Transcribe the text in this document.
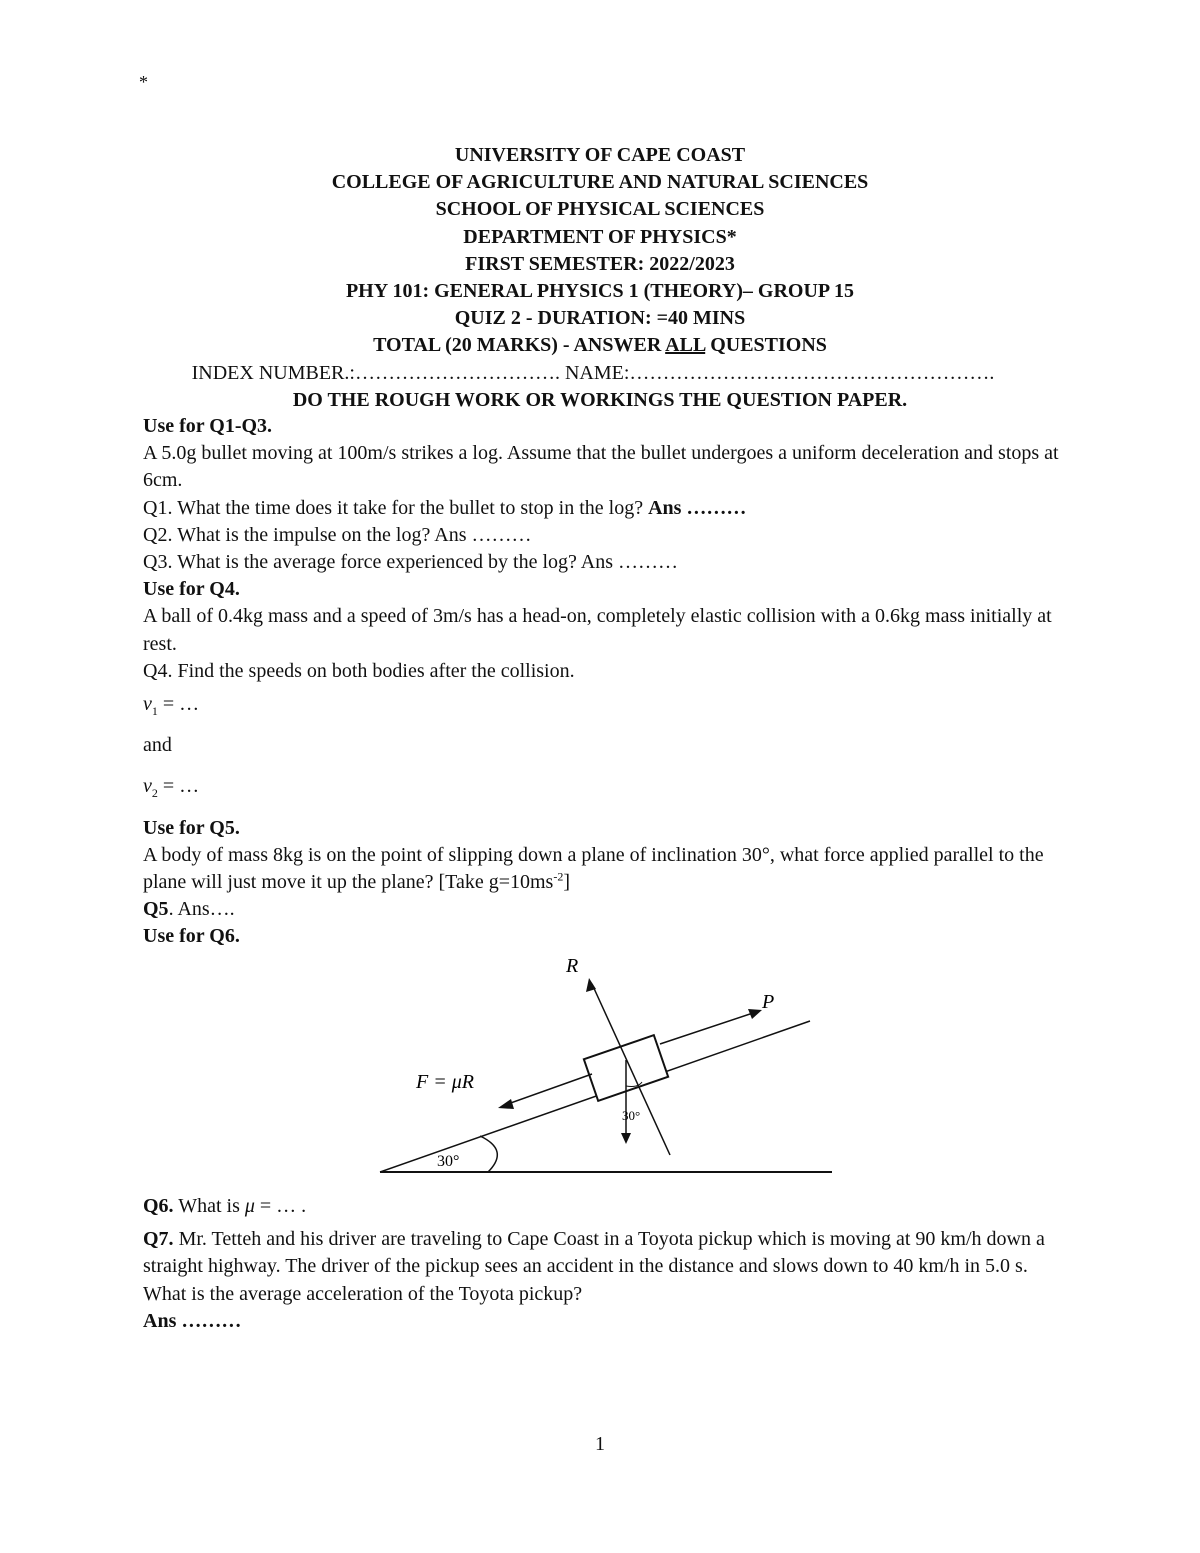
*
UNIVERSITY OF CAPE COAST
COLLEGE OF AGRICULTURE AND NATURAL SCIENCES
SCHOOL OF PHYSICAL SCIENCES
DEPARTMENT OF PHYSICS*
FIRST SEMESTER: 2022/2023
PHY 101: GENERAL PHYSICS 1 (THEORY)– GROUP 15
QUIZ 2 - DURATION: =40 MINS
TOTAL (20 MARKS) - ANSWER ALL QUESTIONS
INDEX NUMBER.:…………………………. NAME:……………………………………………….
DO THE ROUGH WORK OR WORKINGS THE QUESTION PAPER.

Use for Q1-Q3.

A 5.0g bullet moving at 100m/s strikes a log. Assume that the bullet undergoes a uniform deceleration and stops at 6cm.

Q1. What the time does it take for the bullet to stop in the log? Ans ………

Q2. What is the impulse on the log? Ans ………

Q3. What is the average force experienced by the log? Ans ………

Use for Q4.

A ball of 0.4kg mass and a speed of 3m/s has a head-on, completely elastic collision with a 0.6kg mass initially at rest.

Q4. Find the speeds on both bodies after the collision.

$v_1$ = …

and

$v_2$ = …

Use for Q5.

A body of mass 8kg is on the point of slipping down a plane of inclination 30°, what force applied parallel to the plane will just move it up the plane? [Take $g=10ms^{-2}$]

Q5. Ans….

Use for Q6.

30°
P
F = μR
R
30°

Q6. What is μ = … .

Q7. Mr. Tetteh and his driver are traveling to Cape Coast in a Toyota pickup which is moving at 90 km/h down a straight highway. The driver of the pickup sees an accident in the distance and slows down to 40 km/h in 5.0 s. What is the average acceleration of the Toyota pickup?

Ans ………

1
